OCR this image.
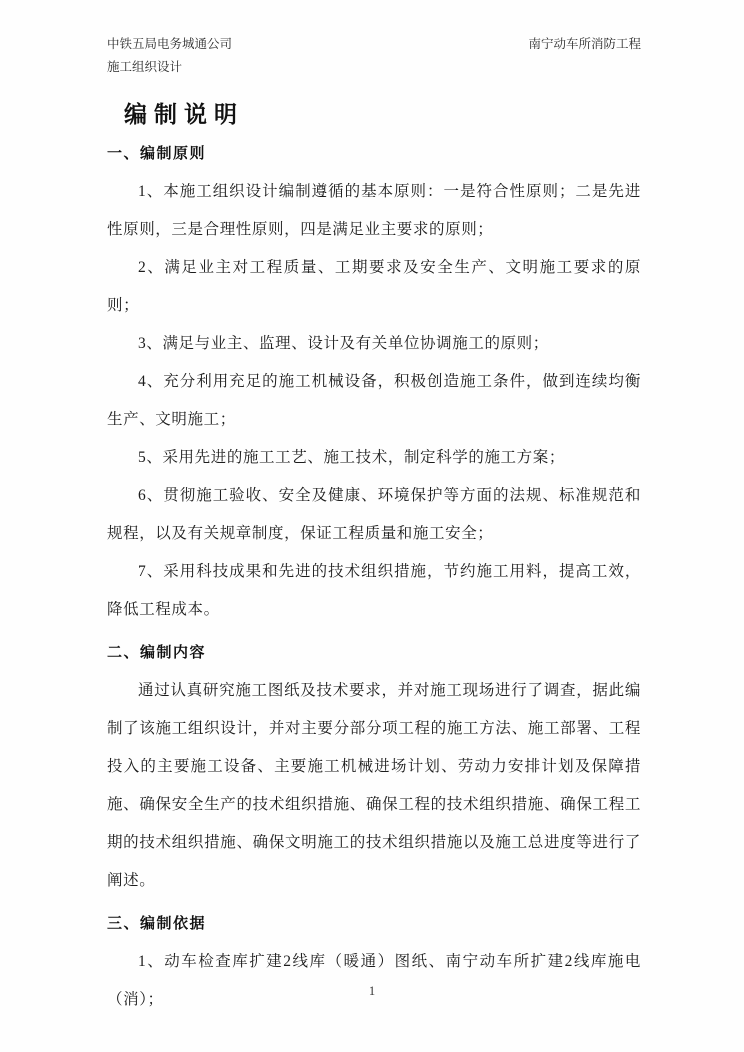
中铁五局电务城通公司
施工组织设计
南宁动车所消防工程
编制说明
一、编制原则

1、本施工组织设计编制遵循的基本原则：一是符合性原则；二是先进性原则，三是合理性原则，四是满足业主要求的原则；

2、满足业主对工程质量、工期要求及安全生产、文明施工要求的原则；

3、满足与业主、监理、设计及有关单位协调施工的原则；

4、充分利用充足的施工机械设备，积极创造施工条件，做到连续均衡生产、文明施工；

5、采用先进的施工工艺、施工技术，制定科学的施工方案；

6、贯彻施工验收、安全及健康、环境保护等方面的法规、标准规范和规程，以及有关规章制度，保证工程质量和施工安全；

7、采用科技成果和先进的技术组织措施，节约施工用料，提高工效，降低工程成本。

二、编制内容

通过认真研究施工图纸及技术要求，并对施工现场进行了调查，据此编制了该施工组织设计，并对主要分部分项工程的施工方法、施工部署、工程投入的主要施工设备、主要施工机械进场计划、劳动力安排计划及保障措施、确保安全生产的技术组织措施、确保工程的技术组织措施、确保工程工期的技术组织措施、确保文明施工的技术组织措施以及施工总进度等进行了阐述。

三、编制依据

1、动车检查库扩建2线库（暖通）图纸、南宁动车所扩建2线库施电（消）；	1
